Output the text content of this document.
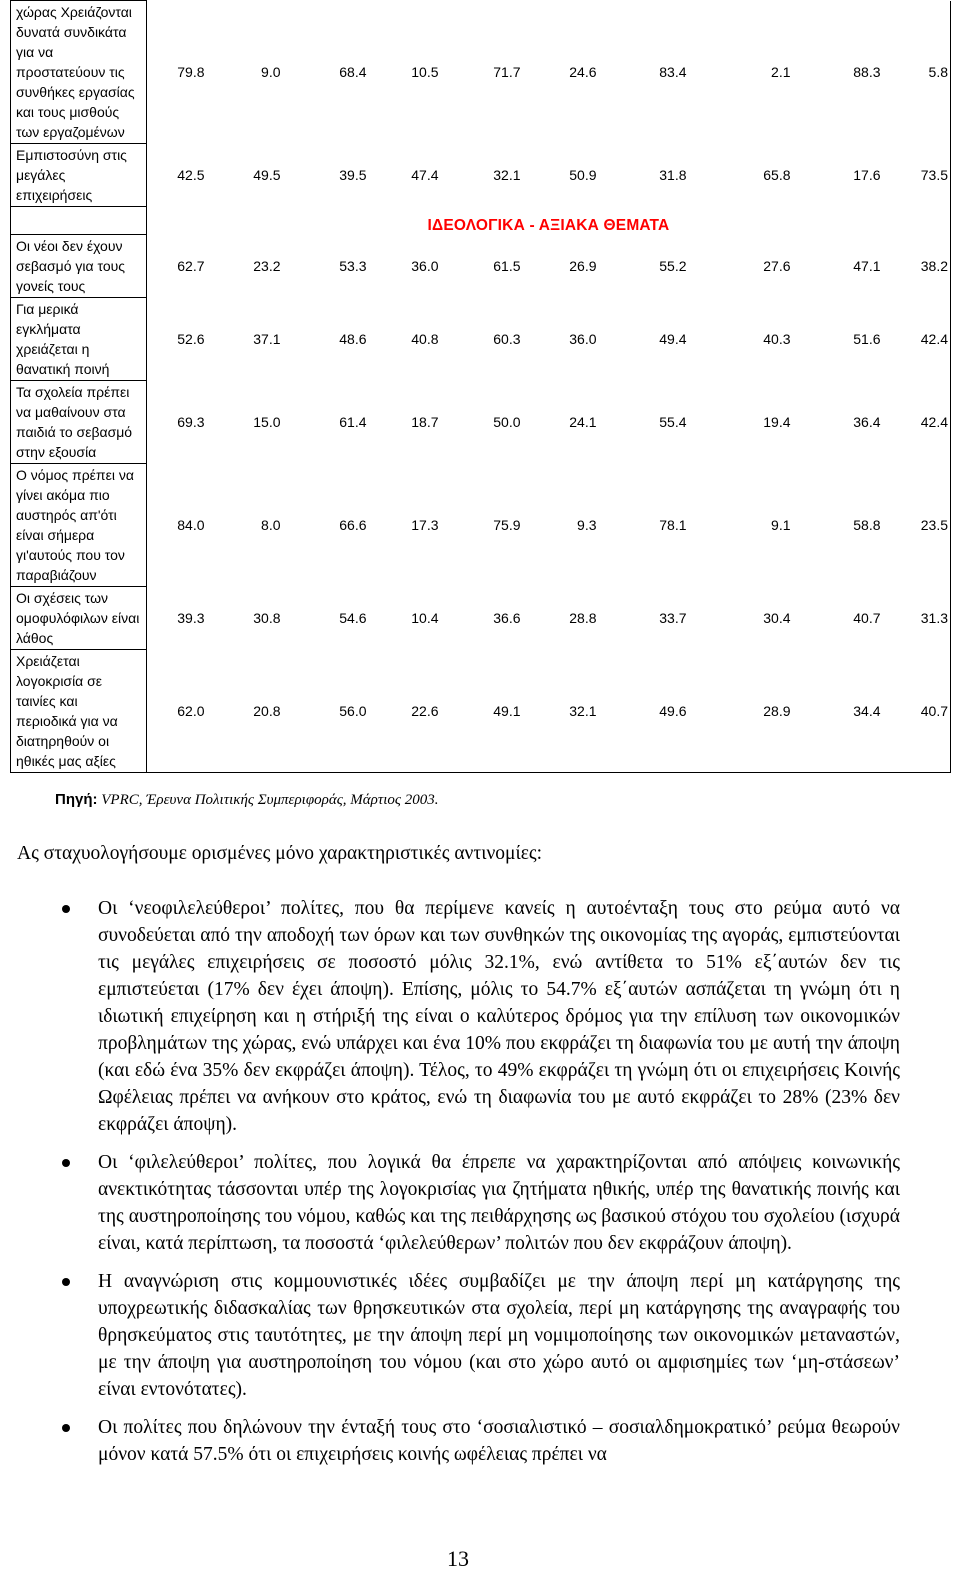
χώρας Χρειάζονται δυνατά συνδικάτα για να προστατεύουν τις συνθήκες εργασίας και τους μισθούς των εργαζομένων	79.8	9.0	68.4	10.5	71.7	24.6	83.4	2.1	88.3	5.8
Εμπιστοσύνη στις μεγάλες επιχειρήσεις	42.5	49.5	39.5	47.4	32.1	50.9	31.8	65.8	17.6	73.5
	ΙΔΕΟΛΟΓΙΚΑ - ΑΞΙΑΚΑ ΘΕΜΑΤΑ									
Οι νέοι δεν έχουν σεβασμό για τους γονείς τους	62.7	23.2	53.3	36.0	61.5	26.9	55.2	27.6	47.1	38.2
Για μερικά εγκλήματα χρειάζεται η θανατική ποινή	52.6	37.1	48.6	40.8	60.3	36.0	49.4	40.3	51.6	42.4
Τα σχολεία πρέπει να μαθαίνουν στα παιδιά το σεβασμό στην εξουσία	69.3	15.0	61.4	18.7	50.0	24.1	55.4	19.4	36.4	42.4
Ο νόμος πρέπει να γίνει ακόμα πιο αυστηρός απ'ότι είναι σήμερα γι'αυτούς που τον παραβιάζουν	84.0	8.0	66.6	17.3	75.9	9.3	78.1	9.1	58.8	23.5
Οι σχέσεις των ομοφυλόφιλων είναι λάθος	39.3	30.8	54.6	10.4	36.6	28.8	33.7	30.4	40.7	31.3
Χρειάζεται λογοκρισία σε ταινίες και περιοδικά για να διατηρηθούν οι ηθικές μας αξίες	62.0	20.8	56.0	22.6	49.1	32.1	49.6	28.9	34.4	40.7
Πηγή: VPRC, Έρευνα Πολιτικής Συμπεριφοράς, Μάρτιος 2003.
Ας σταχυολογήσουμε ορισμένες μόνο χαρακτηριστικές αντινομίες:
Οι ‘νεοφιλελεύθεροι’ πολίτες, που θα περίμενε κανείς η αυτοένταξη τους στο ρεύμα αυτό να συνοδεύεται από την αποδοχή των όρων και των συνθηκών της οικονομίας της αγοράς, εμπιστεύονται τις μεγάλες επιχειρήσεις σε ποσοστό μόλις 32.1%, ενώ αντίθετα το 51% εξ΄αυτών δεν τις εμπιστεύεται (17% δεν έχει άποψη). Επίσης, μόλις το 54.7% εξ΄αυτών ασπάζεται τη γνώμη ότι η ιδιωτική επιχείρηση και η στήριξή της είναι ο καλύτερος δρόμος για την επίλυση των οικονομικών προβλημάτων της χώρας, ενώ υπάρχει και ένα 10% που εκφράζει τη διαφωνία του με αυτή την άποψη (και εδώ ένα 35% δεν εκφράζει άποψη). Τέλος, το 49% εκφράζει τη γνώμη ότι οι επιχειρήσεις Κοινής Ωφέλειας πρέπει να ανήκουν στο κράτος, ενώ τη διαφωνία του με αυτό εκφράζει το 28% (23% δεν εκφράζει άποψη).
Οι ‘φιλελεύθεροι’ πολίτες, που λογικά θα έπρεπε να χαρακτηρίζονται από απόψεις κοινωνικής ανεκτικότητας τάσσονται υπέρ της λογοκρισίας για ζητήματα ηθικής, υπέρ της θανατικής ποινής και της αυστηροποίησης του νόμου, καθώς και της πειθάρχησης ως βασικού στόχου του σχολείου (ισχυρά είναι, κατά περίπτωση, τα ποσοστά ‘φιλελεύθερων’ πολιτών που δεν εκφράζουν άποψη).
Η αναγνώριση στις κομμουνιστικές ιδέες συμβαδίζει με την άποψη περί μη κατάργησης της υποχρεωτικής διδασκαλίας των θρησκευτικών στα σχολεία, περί μη κατάργησης της αναγραφής του θρησκεύματος στις ταυτότητες, με την άποψη περί μη νομιμοποίησης των οικονομικών μεταναστών, με την άποψη για αυστηροποίηση του νόμου (και στο χώρο αυτό οι αμφισημίες των ‘μη-στάσεων’ είναι εντονότατες).
Οι πολίτες που δηλώνουν την ένταξή τους στο ‘σοσιαλιστικό – σοσιαλδημοκρατικό’ ρεύμα θεωρούν μόνον κατά 57.5% ότι οι επιχειρήσεις κοινής ωφέλειας πρέπει να
13
